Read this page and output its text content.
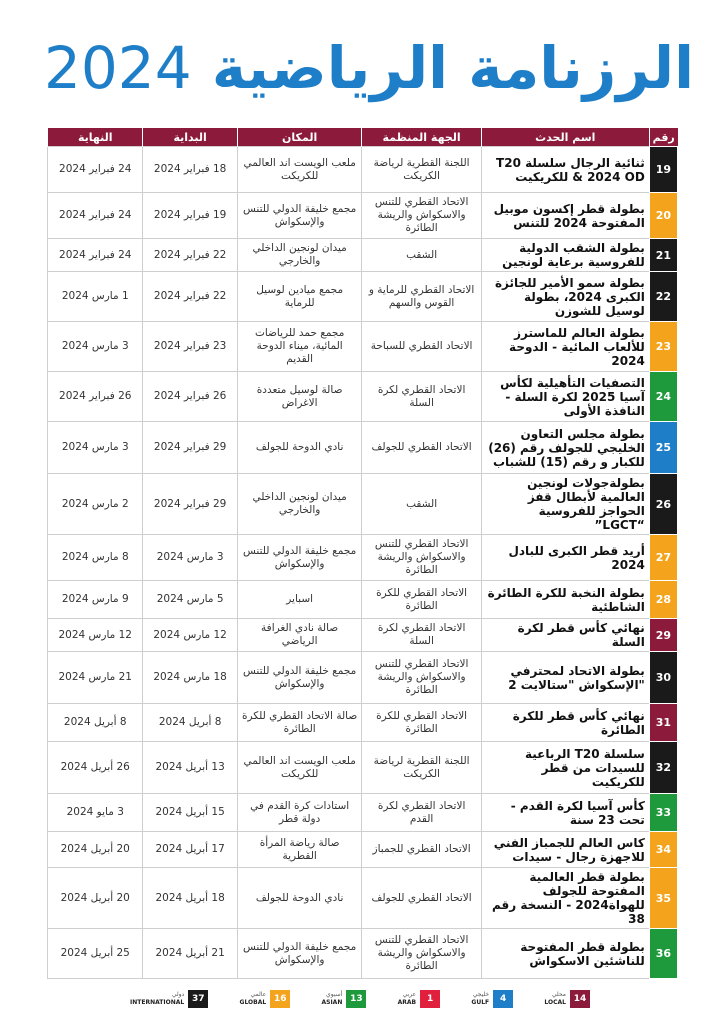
2024 الرزنامة الرياضية
رقم	اسم الحدث	الجهة المنظمة	المكان	البداية	النهاية
19	ثنائية الرجال سلسلة T20 & 2024 OD للكريكيت	اللجنة القطرية لرياضة الكريكت	ملعب الويست اند العالمي للكريكت	18 فبراير 2024	24 فبراير 2024
20	بطولة قطر إكسون موبيل المفتوحة 2024 للتنس	الاتحاد القطري للتنس والاسكواش والريشة الطائرة	مجمع خليفة الدولي للتنس والإسكواش	19 فبراير 2024	24 فبراير 2024
21	بطولة الشقب الدولية للفروسية برعاية لونجين	الشقب	ميدان لونجين الداخلي والخارجي	22 فبراير 2024	24 فبراير 2024
22	بطولة سمو الأمير للجائزة الكبرى 2024، بطولة لوسيل للشوزن	الاتحاد القطري للرماية و القوس والسهم	مجمع ميادين لوسيل للرماية	22 فبراير 2024	1 مارس 2024
23	بطولة العالم للماسترز للألعاب المائية - الدوحة 2024	الاتحاد القطري للسباحة	مجمع حمد للرياضات المائية، ميناء الدوحة القديم	23 فبراير 2024	3 مارس 2024
24	التصفيات التأهيلية لكأس آسيا 2025 لكرة السلة - النافذة الأولى	الاتحاد القطري لكرة السلة	صالة لوسيل متعددة الاغراض	26 فبراير 2024	26 فبراير 2024
25	بطولة مجلس التعاون الخليجي للجولف رقم (26) للكبار و رقم (15) للشباب	الاتحاد القطري للجولف	نادي الدوحة للجولف	29 فبراير 2024	3 مارس 2024
26	بطولةجولات لونجين العالمية لأبطال قفز الحواجز للفروسية “LGCT”	الشقب	ميدان لونجين الداخلي والخارجي	29 فبراير 2024	2 مارس 2024
27	أريد قطر الكبرى للبادل 2024	الاتحاد القطري للتنس والاسكواش والريشة الطائرة	مجمع خليفة الدولي للتنس والإسكواش	3 مارس 2024	8 مارس 2024
28	بطولة النخبة للكرة الطائرة الشاطئية	الاتحاد القطري للكرة الطائرة	اسباير	5 مارس 2024	9 مارس 2024
29	نهائي كأس قطر لكرة السلة	الاتحاد القطري لكرة السلة	صالة نادي الغرافة الرياضي	12 مارس 2024	12 مارس 2024
30	بطولة الاتحاد لمحترفي "الإسكواش "ستالايت 2	الاتحاد القطري للتنس والاسكواش والريشة الطائرة	مجمع خليفة الدولي للتنس والإسكواش	18 مارس 2024	21 مارس 2024
31	نهائي كأس قطر للكرة الطائرة	الاتحاد القطري للكرة الطائرة	صالة الاتحاد القطري للكرة الطائرة	8 أبريل 2024	8 أبريل 2024
32	سلسلة T20 الرباعية للسيدات من قطر للكريكيت	اللجنة القطرية لرياضة الكريكت	ملعب الويست اند العالمي للكريكت	13 أبريل 2024	26 أبريل 2024
33	كأس آسيا لكرة القدم - تحت 23 سنة	الاتحاد القطري لكرة القدم	استادات كرة القدم في دولة قطر	15 أبريل 2024	3 مايو 2024
34	كاس العالم للجمباز الفني للاجهزة رجال - سيدات	الاتحاد القطري للجمباز	صالة رياضة المرأة القطرية	17 أبريل 2024	20 أبريل 2024
35	بطولة قطر العالمية المفتوحة للجولف للهواة2024 - النسخة رقم 38	الاتحاد القطري للجولف	نادي الدوحة للجولف	18 أبريل 2024	20 أبريل 2024
36	بطولة قطر المفتوحة للناشئين الاسكواش	الاتحاد القطري للتنس والاسكواش والريشة الطائرة	مجمع خليفة الدولي للتنس والإسكواش	21 أبريل 2024	25 أبريل 2024
14
محلي
LOCAL
4
خليجي
GULF
1
عربي
ARAB
13
أسيوي
ASIAN
16
عالمي
GLOBAL
37
دولي
INTERNATIONAL
